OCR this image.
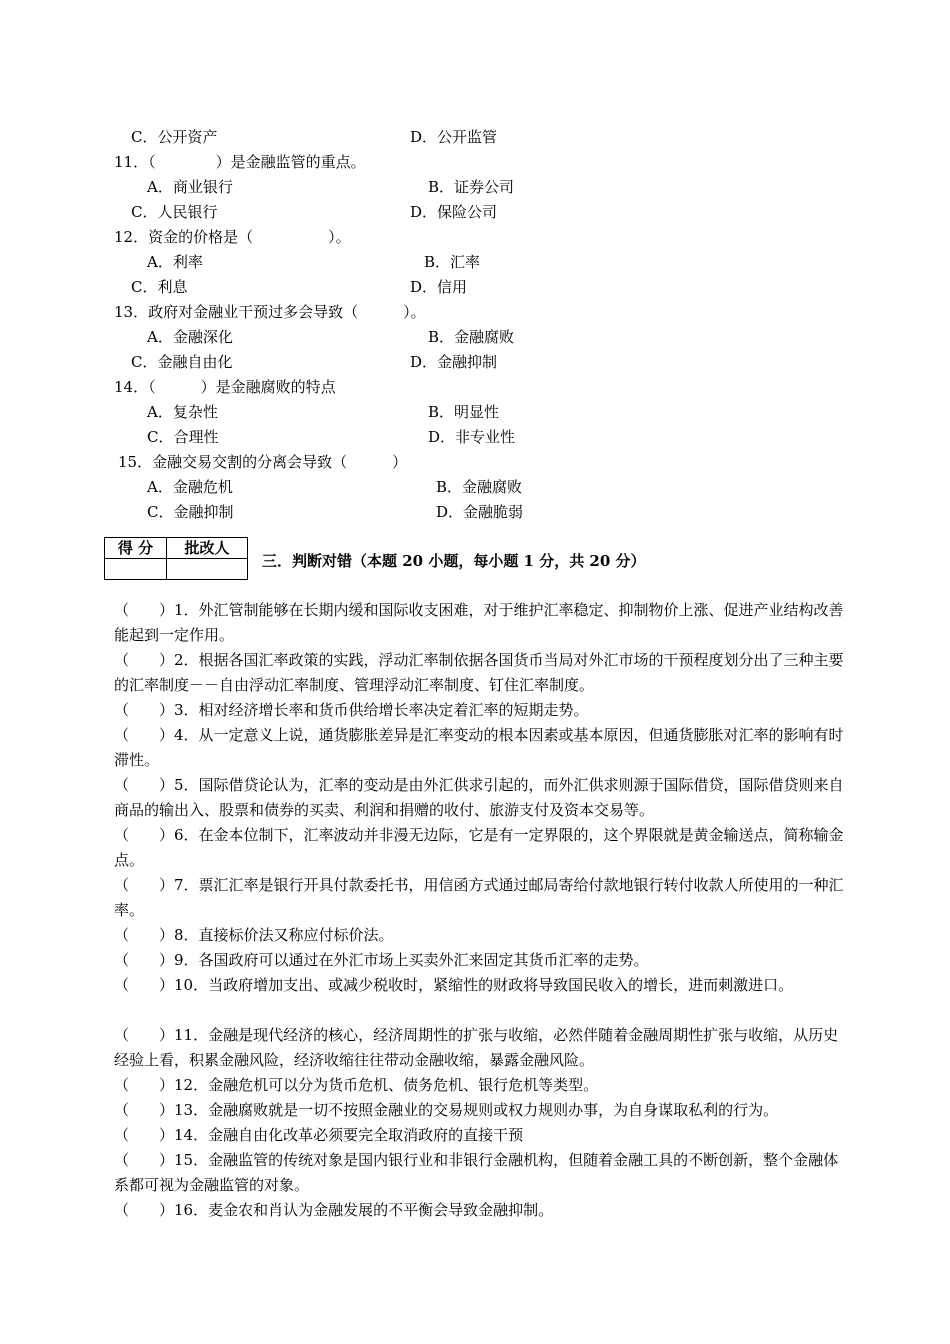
C．公开资产	D．公开监管
11．（　　　　）是金融监管的重点。
A．商业银行	B．证券公司
C．人民银行	D．保险公司
12．资金的价格是（　　　　　）。
A．利率	B．汇率
C．利息	D．信用
13．政府对金融业干预过多会导致（　　　）。
A．金融深化	B．金融腐败
C．金融自由化	D．金融抑制
14．（　　　）是金融腐败的特点
A．复杂性	B．明显性
C．合理性	D．非专业性
15．金融交易交割的分离会导致（　　　）
A．金融危机	B．金融腐败
C．金融抑制	D．金融脆弱
得 分	批改人

三．判断对错（本题 20 小题，每小题 1 分，共 20 分）
（　　）1．外汇管制能够在长期内缓和国际收支困难，对于维护汇率稳定、抑制物价上涨、促进产业结构改善能起到一定作用。
（　　）2．根据各国汇率政策的实践，浮动汇率制依据各国货币当局对外汇市场的干预程度划分出了三种主要的汇率制度－－自由浮动汇率制度、管理浮动汇率制度、钉住汇率制度。
（　　）3．相对经济增长率和货币供给增长率决定着汇率的短期走势。
（　　）4．从一定意义上说，通货膨胀差异是汇率变动的根本因素或基本原因，但通货膨胀对汇率的影响有时滞性。
（　　）5．国际借贷论认为，汇率的变动是由外汇供求引起的，而外汇供求则源于国际借贷，国际借贷则来自商品的输出入、股票和债券的买卖、利润和捐赠的收付、旅游支付及资本交易等。
（　　）6．在金本位制下，汇率波动并非漫无边际，它是有一定界限的，这个界限就是黄金输送点，简称输金点。
（　　）7．票汇汇率是银行开具付款委托书，用信函方式通过邮局寄给付款地银行转付收款人所使用的一种汇率。
（　　）8．直接标价法又称应付标价法。
（　　）9．各国政府可以通过在外汇市场上买卖外汇来固定其货币汇率的走势。
（　　）10．当政府增加支出、或减少税收时，紧缩性的财政将导致国民收入的增长，进而刺激进口。
（　　）11．金融是现代经济的核心，经济周期性的扩张与收缩，必然伴随着金融周期性扩张与收缩，从历史经验上看，积累金融风险，经济收缩往往带动金融收缩，暴露金融风险。
（　　）12．金融危机可以分为货币危机、债务危机、银行危机等类型。
（　　）13．金融腐败就是一切不按照金融业的交易规则或权力规则办事，为自身谋取私利的行为。
（　　）14．金融自由化改革必须要完全取消政府的直接干预
（　　）15．金融监管的传统对象是国内银行业和非银行金融机构，但随着金融工具的不断创新，整个金融体系都可视为金融监管的对象。
（　　）16．麦金农和肖认为金融发展的不平衡会导致金融抑制。
